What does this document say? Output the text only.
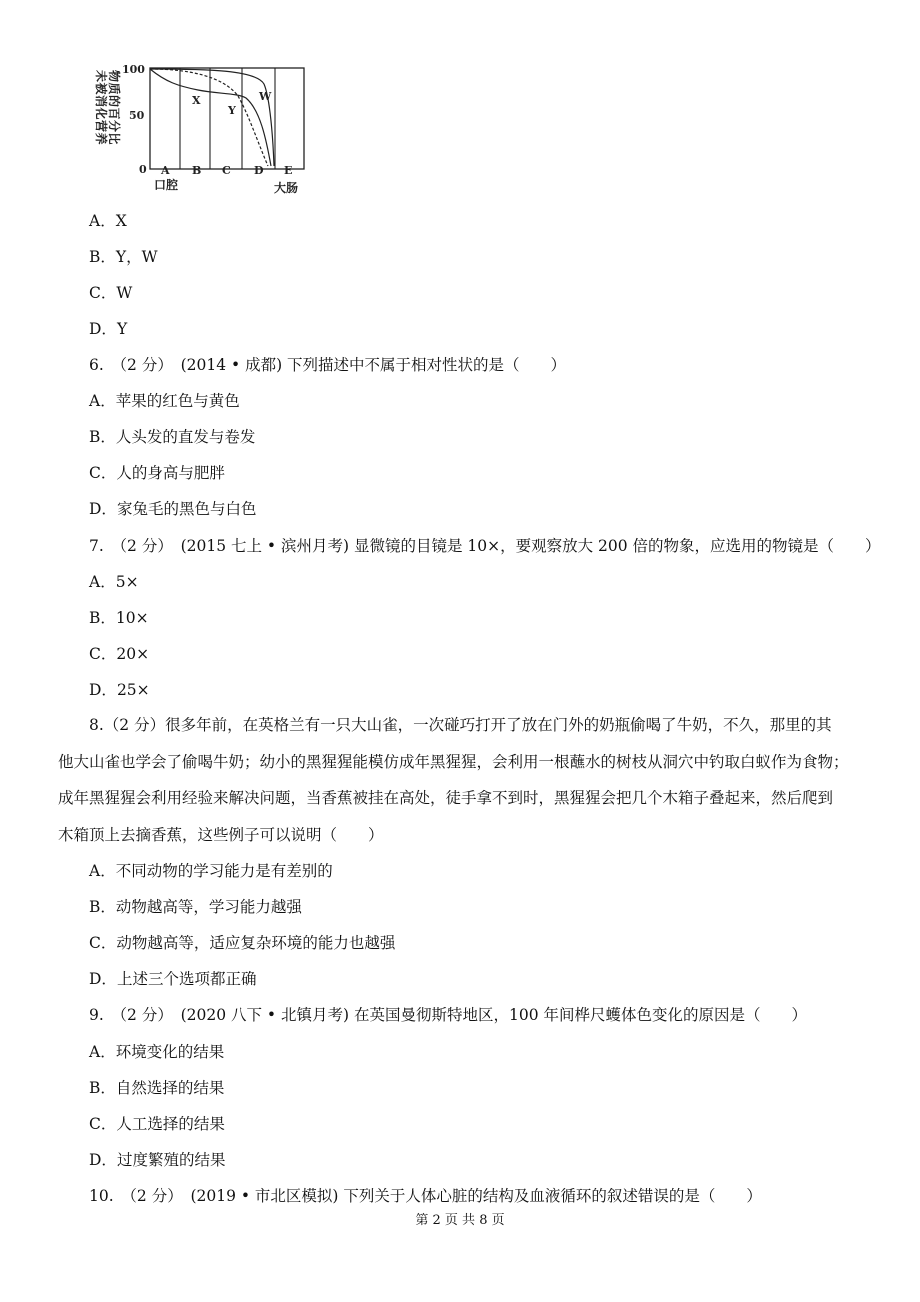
未被消化营养 物质的百分比
100
50
0
X
Y
W
A B C D E
口腔	大肠
A．X
B．Y，W
C．W
D．Y
6.　（2 分）　(2014 • 成都) 下列描述中不属于相对性状的是（　　）
A．苹果的红色与黄色
B．人头发的直发与卷发
C．人的身高与肥胖
D．家兔毛的黑色与白色
7.　（2 分）　(2015 七上 • 滨州月考) 显微镜的目镜是 10×，要观察放大 200 倍的物象，应选用的物镜是（　　）
A．5×
B．10×
C．20×
D．25×
　　8.（2 分）很多年前，在英格兰有一只大山雀，一次碰巧打开了放在门外的奶瓶偷喝了牛奶，不久，那里的其
他大山雀也学会了偷喝牛奶；幼小的黑猩猩能模仿成年黑猩猩，会利用一根蘸水的树枝从洞穴中钓取白蚁作为食物；
成年黑猩猩会利用经验来解决问题，当香蕉被挂在高处，徒手拿不到时，黑猩猩会把几个木箱子叠起来，然后爬到
木箱顶上去摘香蕉，这些例子可以说明（　　）
A．不同动物的学习能力是有差别的
B．动物越高等，学习能力越强
C．动物越高等，适应复杂环境的能力也越强
D．上述三个选项都正确
9.　（2 分）　(2020 八下 • 北镇月考) 在英国曼彻斯特地区，100 年间桦尺蠖体色变化的原因是（　　）
A．环境变化的结果
B．自然选择的结果
C．人工选择的结果
D．过度繁殖的结果
10.　（2 分）　(2019 • 市北区模拟) 下列关于人体心脏的结构及血液循环的叙述错误的是（　　）
第 2 页 共 8 页
